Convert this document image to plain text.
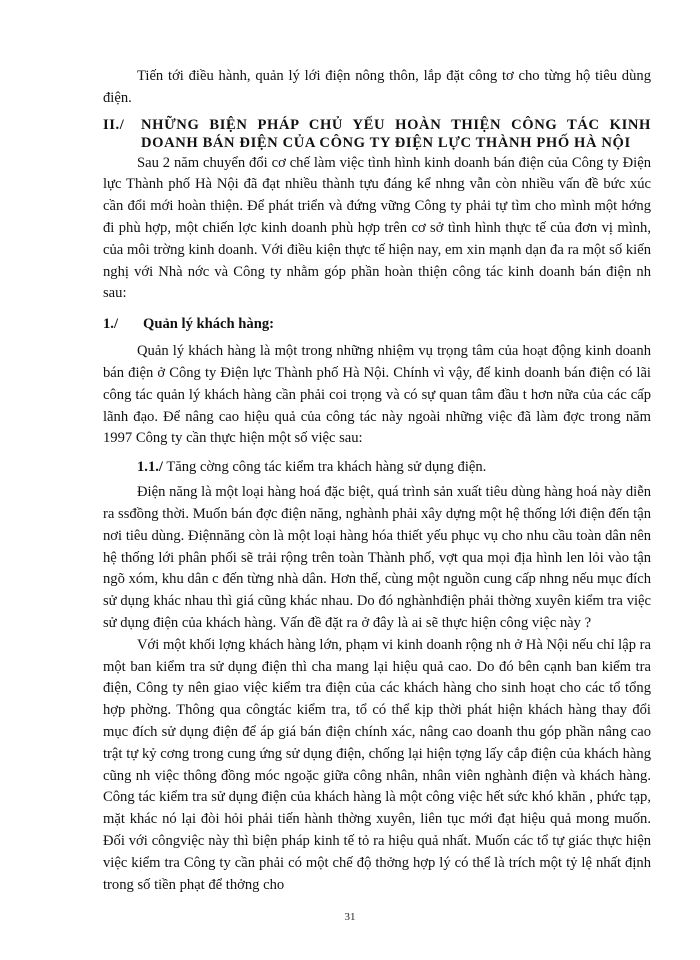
Tiến tới điều hành, quản lý lới điện nông thôn, lắp đặt công tơ cho từng hộ tiêu dùng điện.

II./	NHỮNG BIỆN PHÁP CHỦ YẾU HOÀN THIỆN CÔNG TÁC KINH DOANH BÁN ĐIỆN CỦA CÔNG TY ĐIỆN LỰC THÀNH PHỐ HÀ NỘI

Sau 2 năm chuyển đổi cơ chế làm việc tình hình kinh doanh bán điện của Công ty Điện lực Thành phố Hà Nội đã đạt nhiều thành tựu đáng kể nhng vẫn còn nhiều vấn đề bức xúc cần đổi mới hoàn thiện. Để phát triển và đứng vững Công ty phải tự tìm cho mình một hớng đi phù hợp, một chiến lợc kinh doanh phù hợp trên cơ sở tình hình thực tế của đơn vị mình, của môi trờng kinh doanh. Với điều kiện thực tế hiện nay, em xin mạnh dạn đa ra một số kiến nghị với Nhà nớc và Công ty nhằm góp phần hoàn thiện công tác kinh doanh bán điện nh sau:

1./	Quản lý khách hàng:

Quản lý khách hàng là một trong những nhiệm vụ trọng tâm của hoạt động kinh doanh bán điện ở Công ty Điện lực Thành phố Hà Nội. Chính vì vậy, để kinh doanh bán điện có lãi công tác quản lý khách hàng cần phải coi trọng và có sự quan tâm đầu t hơn nữa của các cấp lãnh đạo. Để nâng cao hiệu quả của công tác này ngoài những việc đã làm đợc trong năm 1997 Công ty cần thực hiện một số việc sau:

1.1./ Tăng cờng công tác kiểm tra khách hàng sử dụng điện.

Điện năng là một loại hàng hoá đặc biệt, quá trình sản xuất tiêu dùng hàng hoá này diễn ra ssđồng thời. Muốn bán đợc điện năng, nghành phải xây dựng một hệ thống lới điện đến tận nơi tiêu dùng. Điệnnăng còn là một loại hàng hóa thiết yếu phục vụ cho nhu cầu toàn dân nên hệ thống lới phân phối sẽ trải rộng trên toàn Thành phố, vợt qua mọi địa hình len lỏi vào tận ngõ xóm, khu dân c đến từng nhà dân. Hơn thế, cùng một nguồn cung cấp nhng nếu mục đích sử dụng khác nhau thì giá cũng khác nhau. Do đó nghànhđiện phải thờng xuyên kiểm tra việc sử dụng điện của khách hàng. Vấn đề đặt ra ở đây là ai sẽ thực hiện công việc này ?

Với một khối lợng khách hàng lớn, phạm vi kinh doanh rộng nh ở Hà Nội nếu chỉ lập ra một ban kiểm tra sử dụng điện thì cha mang lại hiệu quả cao. Do đó bên cạnh ban kiểm tra điện, Công ty nên giao việc kiểm tra điện của các khách hàng cho sinh hoạt cho các tổ tổng hợp phờng. Thông qua côngtác kiểm tra, tổ có thể kịp thời phát hiện khách hàng thay đổi mục đích sử dụng điện để áp giá bán điện chính xác, nâng cao doanh thu góp phần nâng cao trật tự kỷ cơng trong cung ứng sử dụng điện, chống lại hiện tợng lấy cắp điện của khách hàng cũng nh việc thông đồng móc ngoặc giữa công nhân, nhân viên nghành điện và khách hàng. Công tác kiểm tra sử dụng điện của khách hàng là một công việc hết sức khó khăn , phức tạp, mặt khác nó lại đòi hỏi phải tiến hành thờng xuyên, liên tục mới đạt hiệu quả mong muốn. Đối với côngviệc này thì biện pháp kinh tế tỏ ra hiệu quả nhất. Muốn các tổ tự giác thực hiện việc kiểm tra Công ty cần phải có một chế độ thởng hợp lý có thể là trích một tỷ lệ nhất định trong số tiền phạt để thởng cho

31
